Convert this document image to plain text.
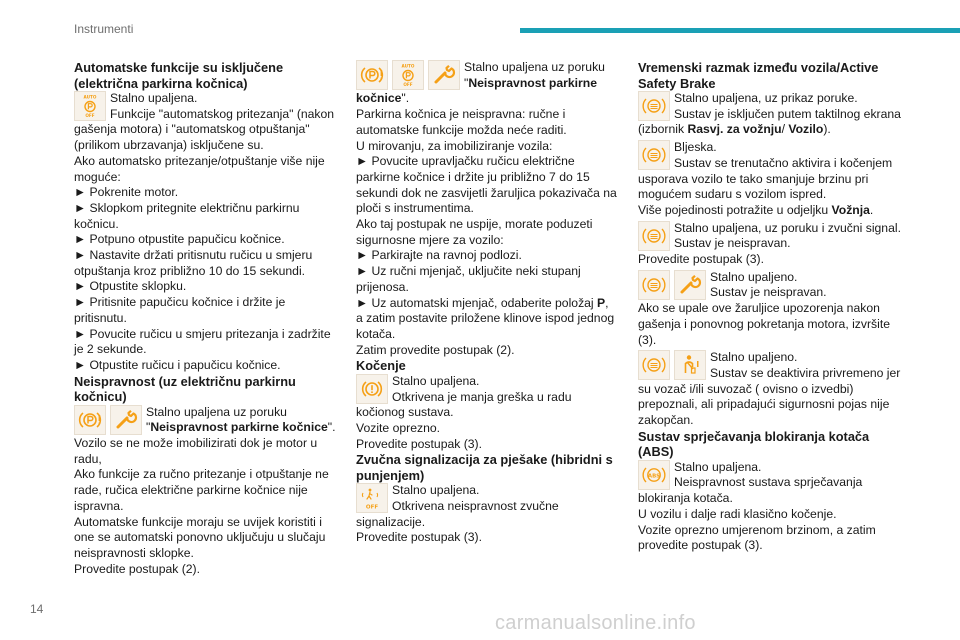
Instrumenti

Automatske funkcije su isključene (električna parkirna kočnica)

AUTO
OFF

Stalno upaljena.

Funkcije "automatskog pritezanja" (nakon gašenja motora) i "automatskog otpuštanja" (prilikom ubrzavanja) isključene su.

Ako automatsko pritezanje/otpuštanje više nije moguće:

► Pokrenite motor.

► Sklopkom pritegnite električnu parkirnu kočnicu.

► Potpuno otpustite papučicu kočnice.

► Nastavite držati pritisnutu ručicu u smjeru otpuštanja kroz približno 10 do 15 sekundi.

► Otpustite sklopku.

► Pritisnite papučicu kočnice i držite je pritisnutu.

► Povucite ručicu u smjeru pritezanja i zadržite je 2 sekunde.

► Otpustite ručicu i papučicu kočnice.

Neispravnost (uz električnu parkirnu kočnicu)

Stalno upaljena uz poruku "Neispravnost parkirne kočnice".

Vozilo se ne može imobilizirati dok je motor u radu,

Ako funkcije za ručno pritezanje i otpuštanje ne rade, ručica električne parkirne kočnice nije ispravna.

Automatske funkcije moraju se uvijek koristiti i one se automatski ponovno uključuju u slučaju neispravnosti sklopke.

Provedite postupak (2).

AUTO
OFF

Stalno upaljena uz poruku "Neispravnost parkirne kočnice".

Parkirna kočnica je neispravna: ručne i automatske funkcije možda neće raditi.

U mirovanju, za imobiliziranje vozila:

► Povucite upravljačku ručicu električne parkirne kočnice i držite ju približno 7 do 15 sekundi dok ne zasvijetli žaruljica pokazivača na ploči s instrumentima.

Ako taj postupak ne uspije, morate poduzeti sigurnosne mjere za vozilo:

► Parkirajte na ravnoj podlozi.

► Uz ručni mjenjač, uključite neki stupanj prijenosa.

► Uz automatski mjenjač, odaberite položaj P, a zatim postavite priložene klinove ispod jednog kotača.

Zatim provedite postupak (2).

Kočenje

Stalno upaljena.

Otkrivena je manja greška u radu kočionog sustava.

Vozite oprezno.

Provedite postupak (3).

Zvučna signalizacija za pješake (hibridni s punjenjem)

OFF

Stalno upaljena.

Otkrivena neispravnost zvučne signalizacije.

Provedite postupak (3).

Vremenski razmak između vozila/Active Safety Brake

Stalno upaljena, uz prikaz poruke.

Sustav je isključen putem taktilnog ekrana (izbornik Rasvj. za vožnju/ Vozilo).

Bljeska.

Sustav se trenutačno aktivira i kočenjem usporava vozilo te tako smanjuje brzinu pri mogućem sudaru s vozilom ispred.

Više pojedinosti potražite u odjeljku Vožnja.

Stalno upaljena, uz poruku i zvučni signal.

Sustav je neispravan.

Provedite postupak (3).

Stalno upaljeno.

Sustav je neispravan.

Ako se upale ove žaruljice upozorenja nakon gašenja i ponovnog pokretanja motora, izvršite (3).

Stalno upaljeno.

Sustav se deaktivira privremeno jer su vozač i/ili suvozač ( ovisno o izvedbi) prepoznali, ali pripadajući sigurnosni pojas nije zakopčan.

Sustav sprječavanja blokiranja kotača (ABS)

ABS

Stalno upaljena.

Neispravnost sustava sprječavanja blokiranja kotača.

U vozilu i dalje radi klasično kočenje.

Vozite oprezno umjerenom brzinom, a zatim provedite postupak (3).

14
carmanualsonline.info
